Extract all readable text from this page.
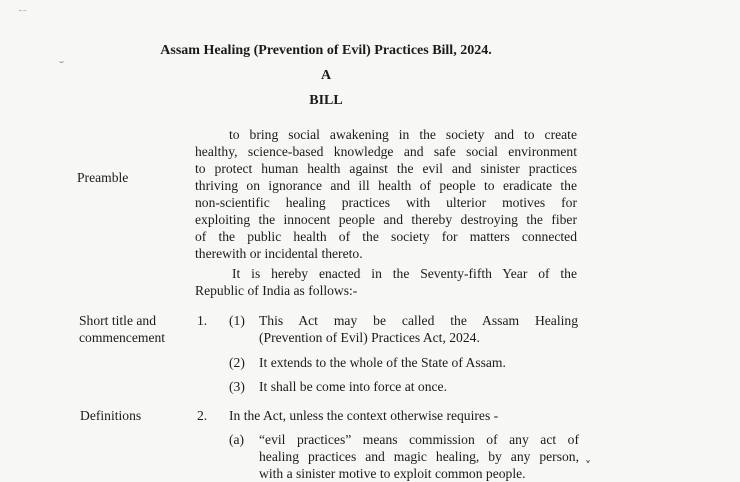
˜˜
˘
Assam Healing (Prevention of Evil) Practices Bill, 2024.
A
BILL
Preamble
to bring social awakening in the society and to create
healthy, science-based knowledge and safe social environment
to protect human health against the evil and sinister practices
thriving on ignorance and ill health of people to eradicate the
non-scientific healing practices with ulterior motives for
exploiting the innocent people and thereby destroying the fiber
of the public health of the society for matters connected
therewith or incidental thereto.
It is hereby enacted in the Seventy-fifth Year of the
Republic of India as follows:-
Short title and
commencement
1. (1) This Act may be called the Assam Healing
(Prevention of Evil) Practices Act, 2024.
(2) It extends to the whole of the State of Assam.
(3) It shall be come into force at once.
Definitions	2. In the Act, unless the context otherwise requires -
(a) “evil practices” means commission of any act of
healing practices and magic healing, by any person,
with a sinister motive to exploit common people.
ˬ
